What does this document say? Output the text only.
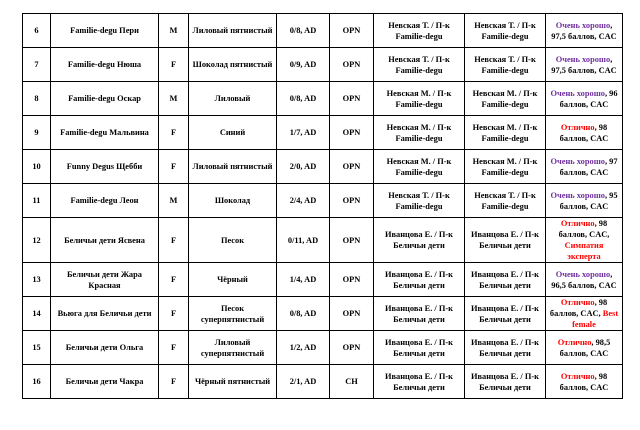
6	Familie-degu Пери	M	Лиловый пятнистый	0/8, AD	OPN	Невская Т. / П-к Familie-degu	Невская Т. / П-к Familie-degu	Очень хорошо, 97,5 баллов, CAC
7	Familie-degu Нюша	F	Шоколад пятнистый	0/9, AD	OPN	Невская Т. / П-к Familie-degu	Невская Т. / П-к Familie-degu	Очень хорошо, 97,5 баллов, CAC
8	Familie-degu Оскар	M	Лиловый	0/8, AD	OPN	Невская М. / П-к Familie-degu	Невская М. / П-к Familie-degu	Очень хорошо, 96 баллов, CAC
9	Familie-degu Мальвина	F	Синий	1/7, AD	OPN	Невская М. / П-к Familie-degu	Невская М. / П-к Familie-degu	Отлично, 98 баллов, CAC
10	Funny Degus Щебби	F	Лиловый пятнистый	2/0, AD	OPN	Невская М. / П-к Familie-degu	Невская М. / П-к Familie-degu	Очень хорошо, 97 баллов, CAC
11	Familie-degu Леон	M	Шоколад	2/4, AD	OPN	Невская Т. / П-к Familie-degu	Невская Т. / П-к Familie-degu	Очень хорошо, 95 баллов, CAC
12	Беличьи дети Ясвена	F	Песок	0/11, AD	OPN	Иванцова Е. / П-к Беличьи дети	Иванцова Е. / П-к Беличьи дети	Отлично, 98 баллов, CAC, Симпатия эксперта
13	Беличьи дети Жара Красная	F	Чёрный	1/4, AD	OPN	Иванцова Е. / П-к Беличьи дети	Иванцова Е. / П-к Беличьи дети	Очень хорошо, 96,5 баллов, CAC
14	Вьюга для Беличьи дети	F	Песок суперпятнистый	0/8, AD	OPN	Иванцова Е. / П-к Беличьи дети	Иванцова Е. / П-к Беличьи дети	Отлично, 98 баллов, CAC, Best female
15	Беличьи дети Ольга	F	Лиловый суперпятнистый	1/2, AD	OPN	Иванцова Е. / П-к Беличьи дети	Иванцова Е. / П-к Беличьи дети	Отлично, 98,5 баллов, CAC
16	Беличьи дети Чакра	F	Чёрный пятнистый	2/1, AD	CH	Иванцова Е. / П-к Беличьи дети	Иванцова Е. / П-к Беличьи дети	Отлично, 98 баллов, CAC
